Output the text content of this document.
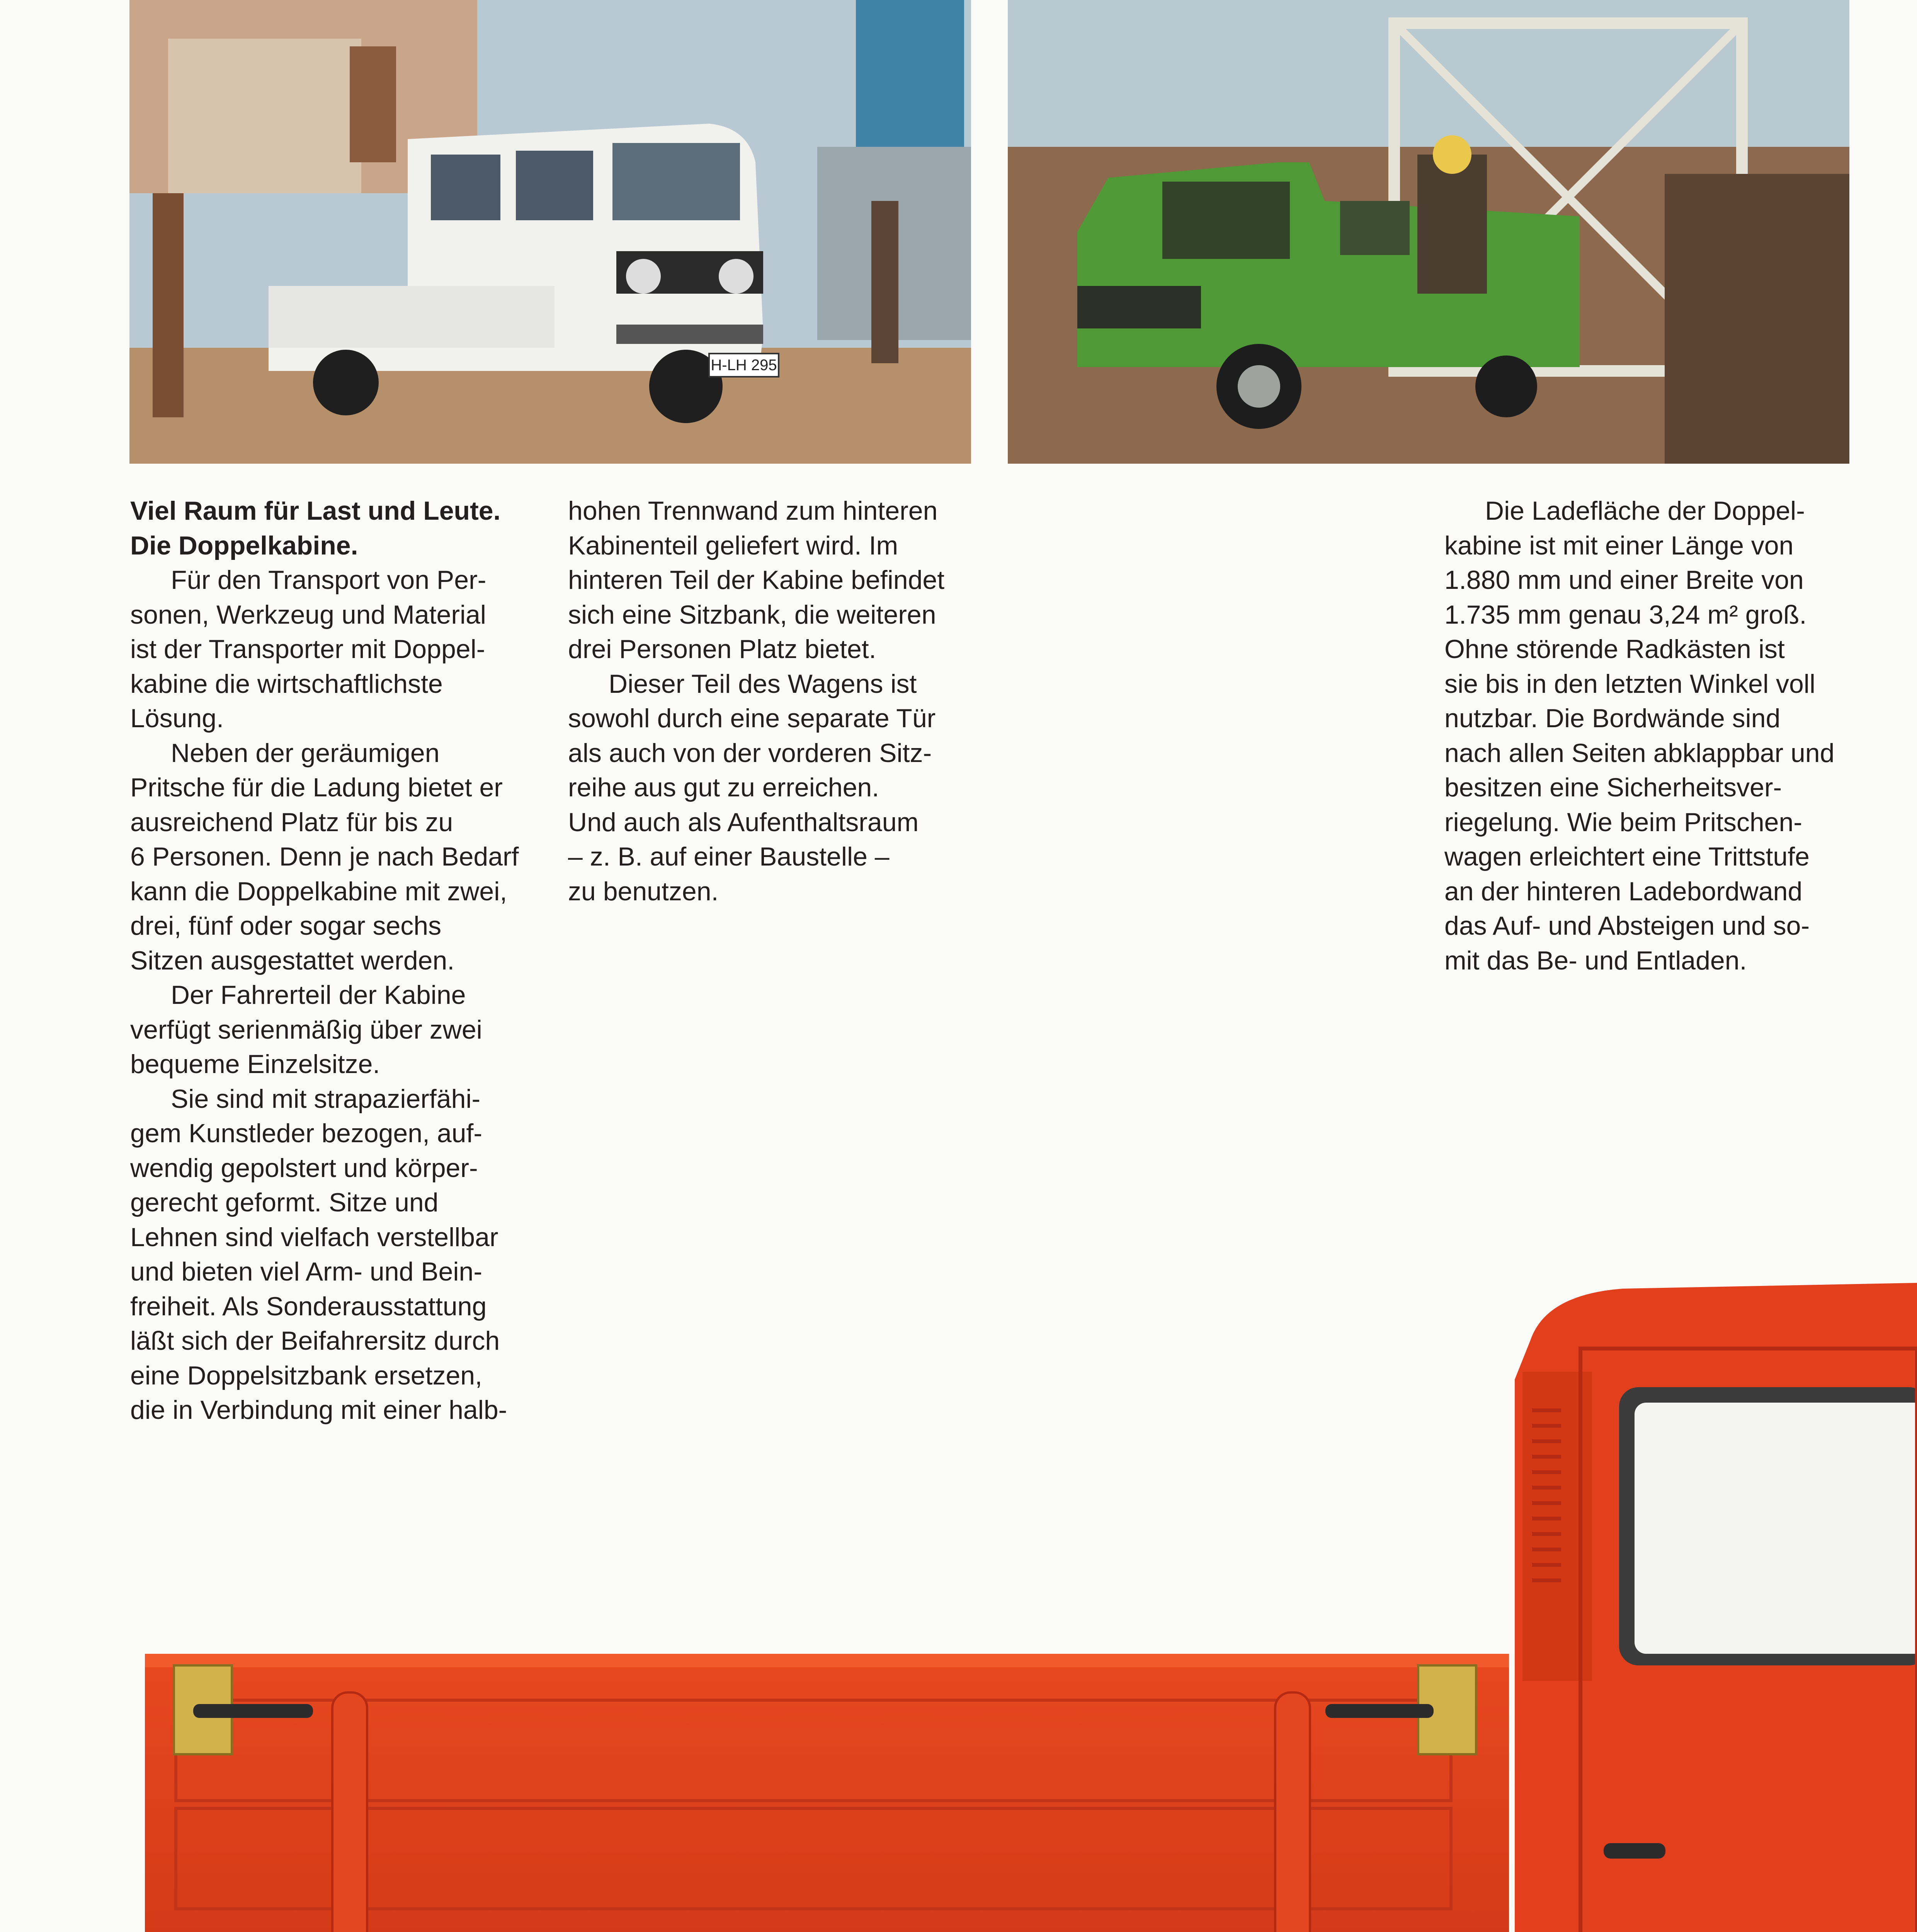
H-LH 295
Viel Raum für Last und Leute.
Die Doppelkabine.
Für den Transport von Per-
sonen, Werkzeug und Material
ist der Transporter mit Doppel-
kabine die wirtschaftlichste
Lösung.
Neben der geräumigen
Pritsche für die Ladung bietet er
ausreichend Platz für bis zu
6 Personen. Denn je nach Bedarf
kann die Doppelkabine mit zwei,
drei, fünf oder sogar sechs
Sitzen ausgestattet werden.
Der Fahrerteil der Kabine
verfügt serienmäßig über zwei
bequeme Einzelsitze.
Sie sind mit strapazierfähi-
gem Kunstleder bezogen, auf-
wendig gepolstert und körper-
gerecht geformt. Sitze und
Lehnen sind vielfach verstellbar
und bieten viel Arm- und Bein-
freiheit. Als Sonderausstattung
läßt sich der Beifahrersitz durch
eine Doppelsitzbank ersetzen,
die in Verbindung mit einer halb-
hohen Trennwand zum hinteren
Kabinenteil geliefert wird. Im
hinteren Teil der Kabine befindet
sich eine Sitzbank, die weiteren
drei Personen Platz bietet.
Dieser Teil des Wagens ist
sowohl durch eine separate Tür
als auch von der vorderen Sitz-
reihe aus gut zu erreichen.
Und auch als Aufenthaltsraum
– z. B. auf einer Baustelle –
zu benutzen.
Die Ladefläche der Doppel-
kabine ist mit einer Länge von
1.880 mm und einer Breite von
1.735 mm genau 3,24 m² groß.
Ohne störende Radkästen ist
sie bis in den letzten Winkel voll
nutzbar. Die Bordwände sind
nach allen Seiten abklappbar und
besitzen eine Sicherheitsver-
riegelung. Wie beim Pritschen-
wagen erleichtert eine Trittstufe
an der hinteren Ladebordwand
das Auf- und Absteigen und so-
mit das Be- und Entladen.
